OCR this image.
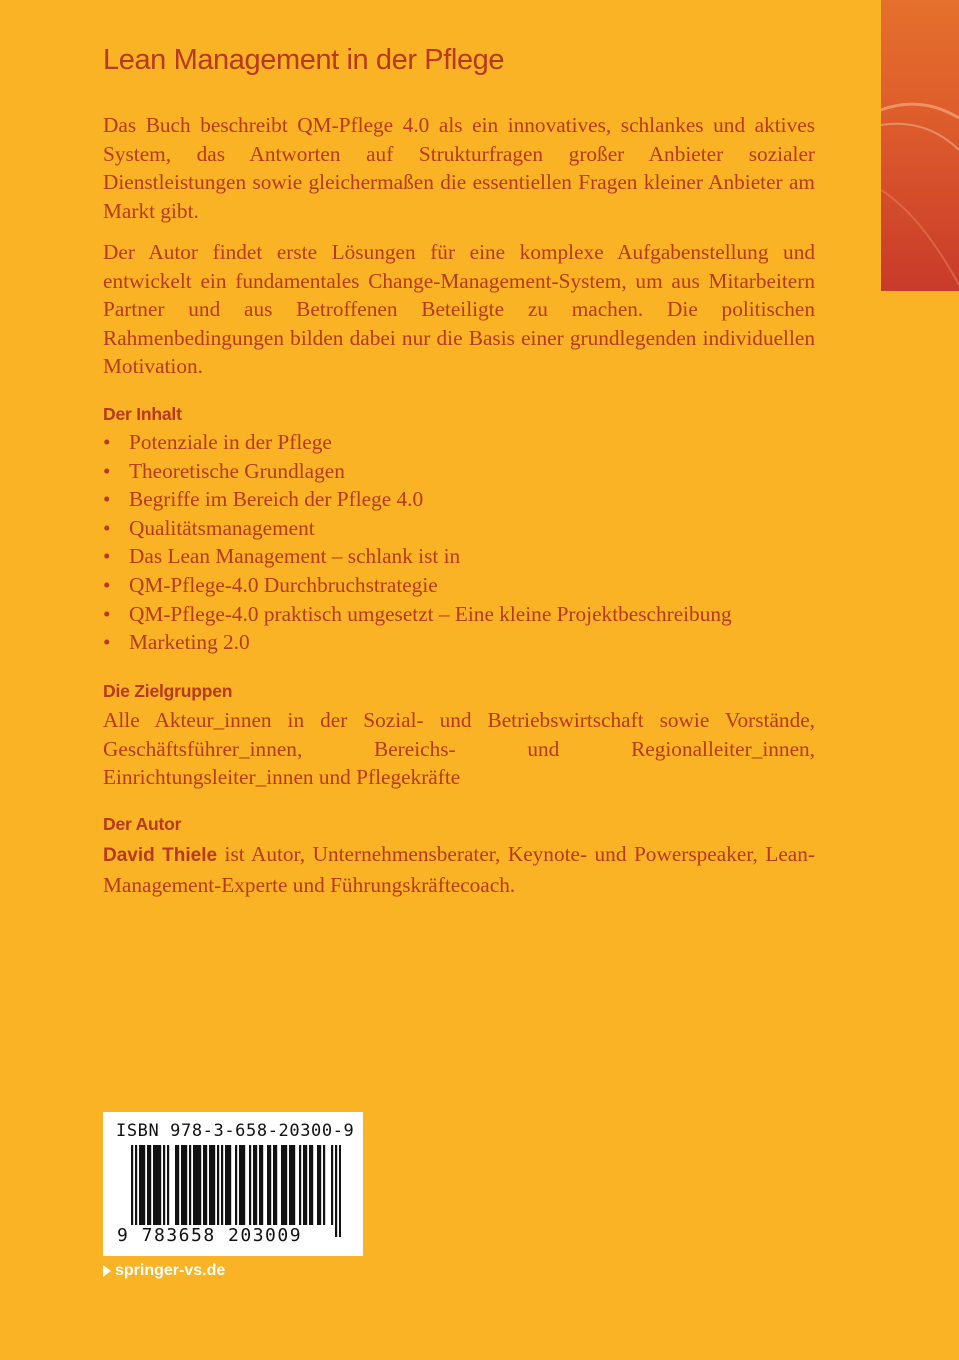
Lean Management in der Pflege

Das Buch beschreibt QM-Pflege 4.0 als ein innovatives, schlankes und aktives System, das Antworten auf Strukturfragen großer Anbieter sozialer Dienstleistungen sowie gleichermaßen die essentiellen Fragen kleiner Anbieter am Markt gibt.

Der Autor findet erste Lösungen für eine komplexe Aufgabenstellung und entwickelt ein fundamentales Change-Management-System, um aus Mitarbeitern Partner und aus Betroffenen Beteiligte zu machen. Die politischen Rahmenbedingungen bilden dabei nur die Basis einer grundlegenden individuellen Motivation.

Der Inhalt
• Potenziale in der Pflege
• Theoretische Grundlagen
• Begriffe im Bereich der Pflege 4.0
• Qualitätsmanagement
• Das Lean Management – schlank ist in
• QM-Pflege-4.0 Durchbruchstrategie
• QM-Pflege-4.0 praktisch umgesetzt – Eine kleine Projektbeschreibung
• Marketing 2.0
Die Zielgruppen

Alle Akteur_innen in der Sozial- und Betriebswirtschaft sowie Vorstände, Geschäftsführer_innen, Bereichs- und Regionalleiter_innen, Einrichtungsleiter_innen und Pflegekräfte

Der Autor

David Thiele ist Autor, Unternehmensberater, Keynote- und Powerspeaker, Lean-Management-Experte und Führungskräftecoach.

ISBN 978-3-658-20300-9

9 783658 203009

springer-vs.de
